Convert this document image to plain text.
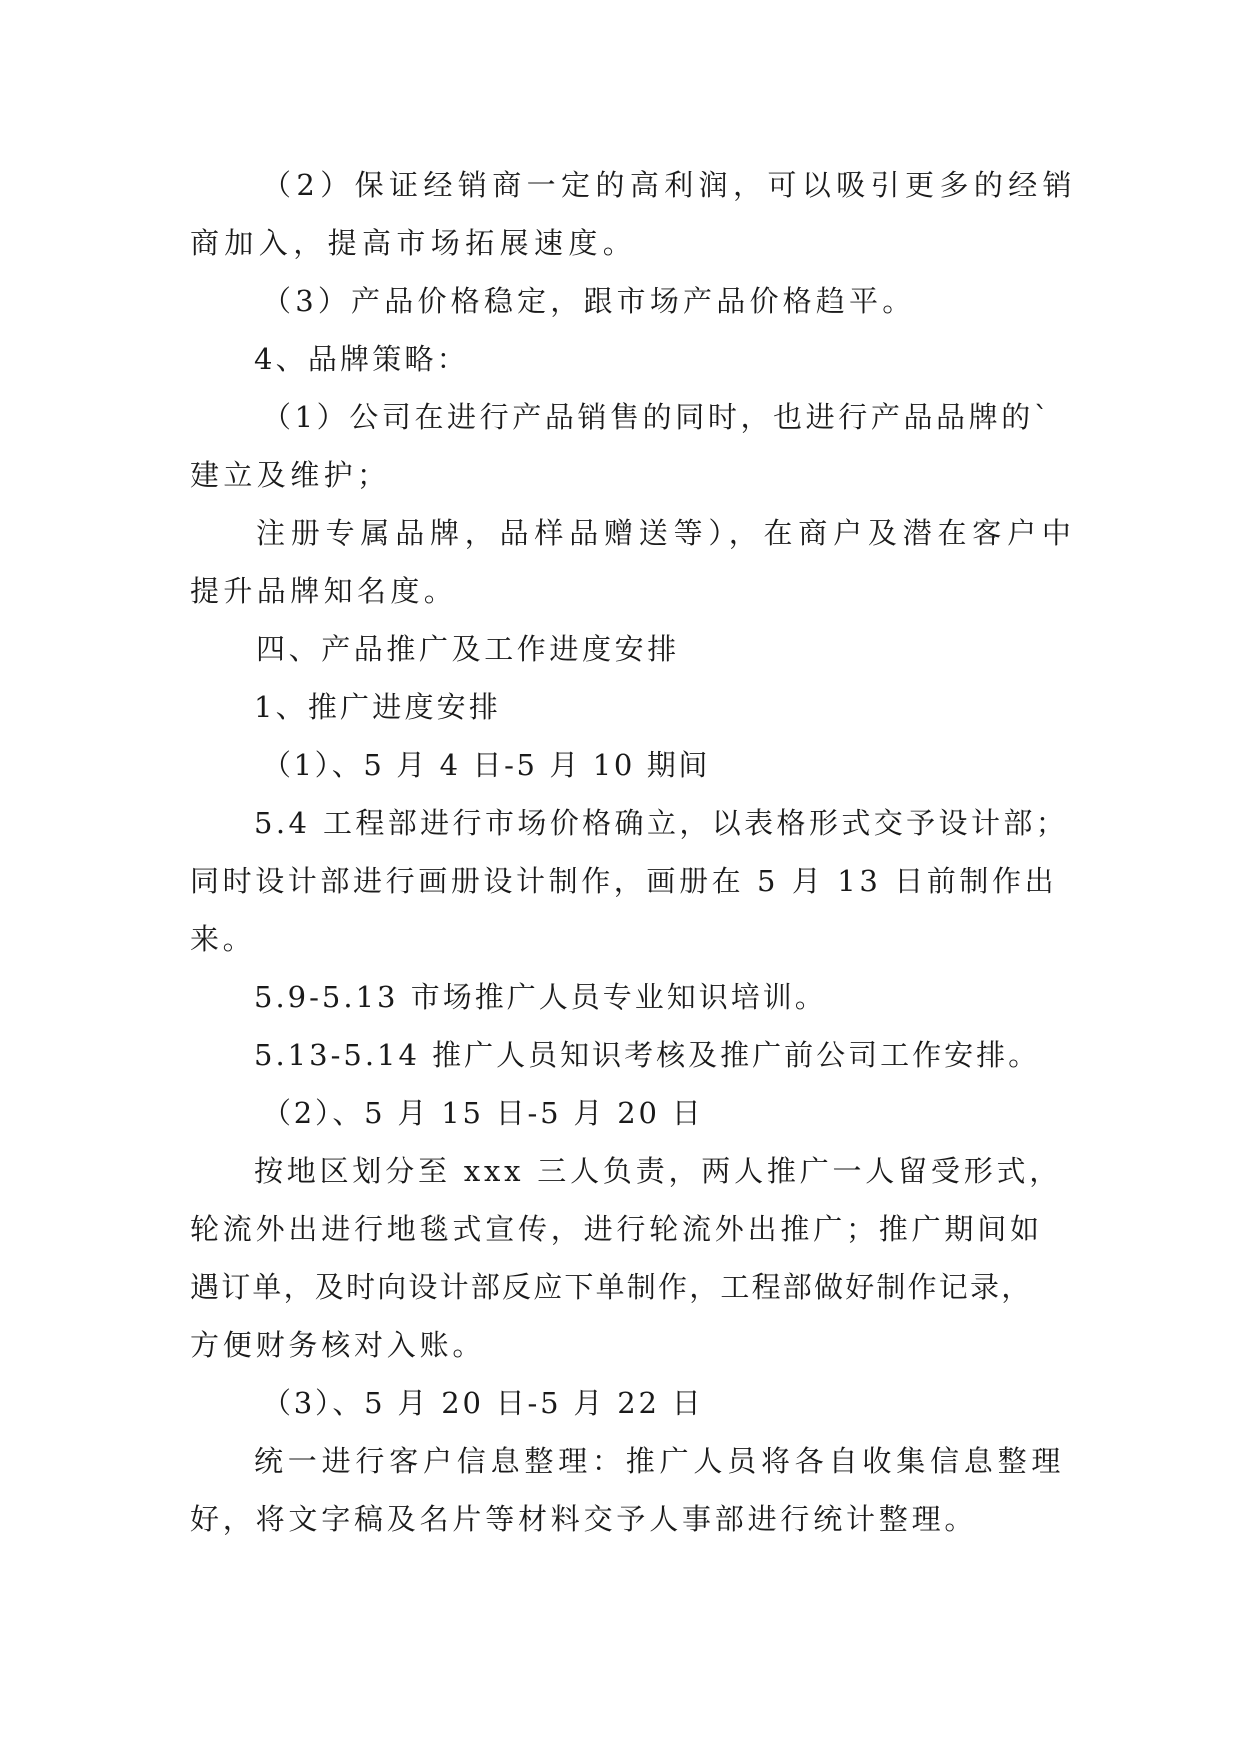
（2）保证经销商一定的高利润，可以吸引更多的经销
商加入，提高市场拓展速度。
（3）产品价格稳定，跟市场产品价格趋平。
4、品牌策略：
（1）公司在进行产品销售的同时，也进行产品品牌的`
建立及维护；
注册专属品牌，品样品赠送等），在商户及潜在客户中
提升品牌知名度。
四、产品推广及工作进度安排
1、推广进度安排
（1）、5 月 4 日-5 月 10 期间
5.4 工程部进行市场价格确立，以表格形式交予设计部；
同时设计部进行画册设计制作，画册在 5 月 13 日前制作出
来。
5.9-5.13 市场推广人员专业知识培训。
5.13-5.14 推广人员知识考核及推广前公司工作安排。
（2）、5 月 15 日-5 月 20 日
按地区划分至 xxx 三人负责，两人推广一人留受形式，
轮流外出进行地毯式宣传，进行轮流外出推广；推广期间如
遇订单，及时向设计部反应下单制作，工程部做好制作记录，
方便财务核对入账。
（3）、5 月 20 日-5 月 22 日
统一进行客户信息整理：推广人员将各自收集信息整理
好，将文字稿及名片等材料交予人事部进行统计整理。
